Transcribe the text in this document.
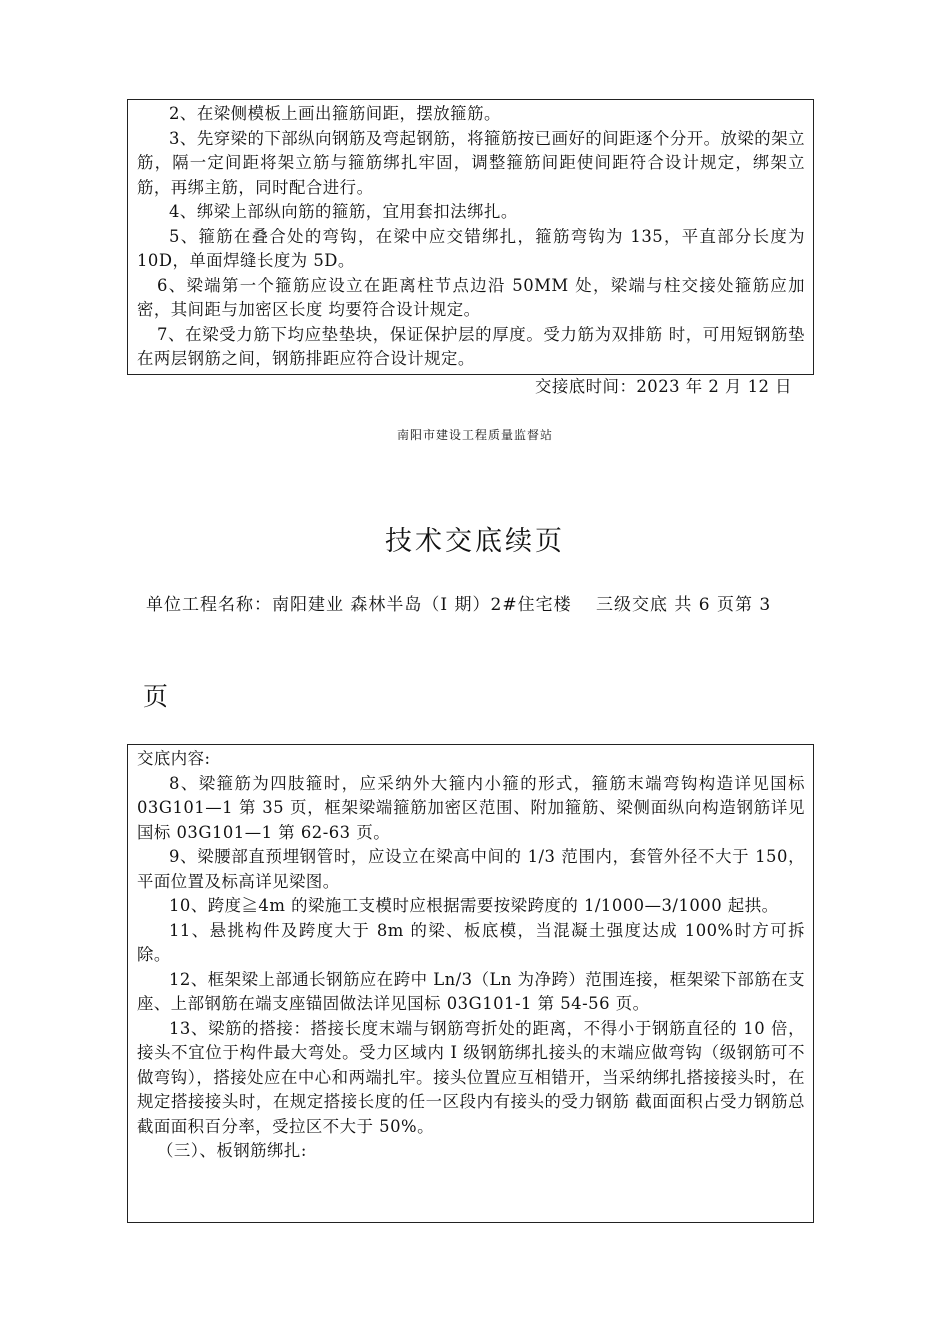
2、在梁侧模板上画出箍筋间距，摆放箍筋。

3、先穿梁的下部纵向钢筋及弯起钢筋，将箍筋按已画好的间距逐个分开。放梁的架立筋，隔一定间距将架立筋与箍筋绑扎牢固，调整箍筋间距使间距符合设计规定，绑架立筋，再绑主筋，同时配合进行。

4、绑梁上部纵向筋的箍筋，宜用套扣法绑扎。

5、箍筋在叠合处的弯钩，在梁中应交错绑扎，箍筋弯钩为 135，平直部分长度为 10D，单面焊缝长度为 5D。

6、梁端第一个箍筋应设立在距离柱节点边沿 50MM 处，梁端与柱交接处箍筋应加密，其间距与加密区长度 均要符合设计规定。

7、在梁受力筋下均应垫垫块，保证保护层的厚度。受力筋为双排筋 时，可用短钢筋垫在两层钢筋之间，钢筋排距应符合设计规定。

交接底时间：2023 年 2 月 12 日
南阳市建设工程质量监督站
技术交底续页
单位工程名称：南阳建业 森林半岛（I 期）2#住宅楼　 三级交底 共 6 页第 3
页

交底内容:

8、梁箍筋为四肢箍时，应采纳外大箍内小箍的形式，箍筋末端弯钩构造详见国标 03G101—1 第 35 页，框架梁端箍筋加密区范围、附加箍筋、梁侧面纵向构造钢筋详见国标 03G101—1 第 62-63 页。

9、梁腰部直预埋钢管时，应设立在梁高中间的 1/3 范围内，套管外径不大于 150，平面位置及标高详见梁图。

10、跨度≧4m 的梁施工支模时应根据需要按梁跨度的 1/1000—3/1000 起拱。

11、悬挑构件及跨度大于 8m 的梁、板底模，当混凝土强度达成 100%时方可拆除。

12、框架梁上部通长钢筋应在跨中 Ln/3（Ln 为净跨）范围连接，框架梁下部筋在支座、上部钢筋在端支座锚固做法详见国标 03G101-1 第 54-56 页。

13、梁筋的搭接：搭接长度末端与钢筋弯折处的距离，不得小于钢筋直径的 10 倍，接头不宜位于构件最大弯处。受力区域内 I 级钢筋绑扎接头的末端应做弯钩（级钢筋可不做弯钩），搭接处应在中心和两端扎牢。接头位置应互相错开，当采纳绑扎搭接接头时，在规定搭接接头时，在规定搭接长度的任一区段内有接头的受力钢筋 截面面积占受力钢筋总截面面积百分率，受拉区不大于 50%。

（三）、板钢筋绑扎:
